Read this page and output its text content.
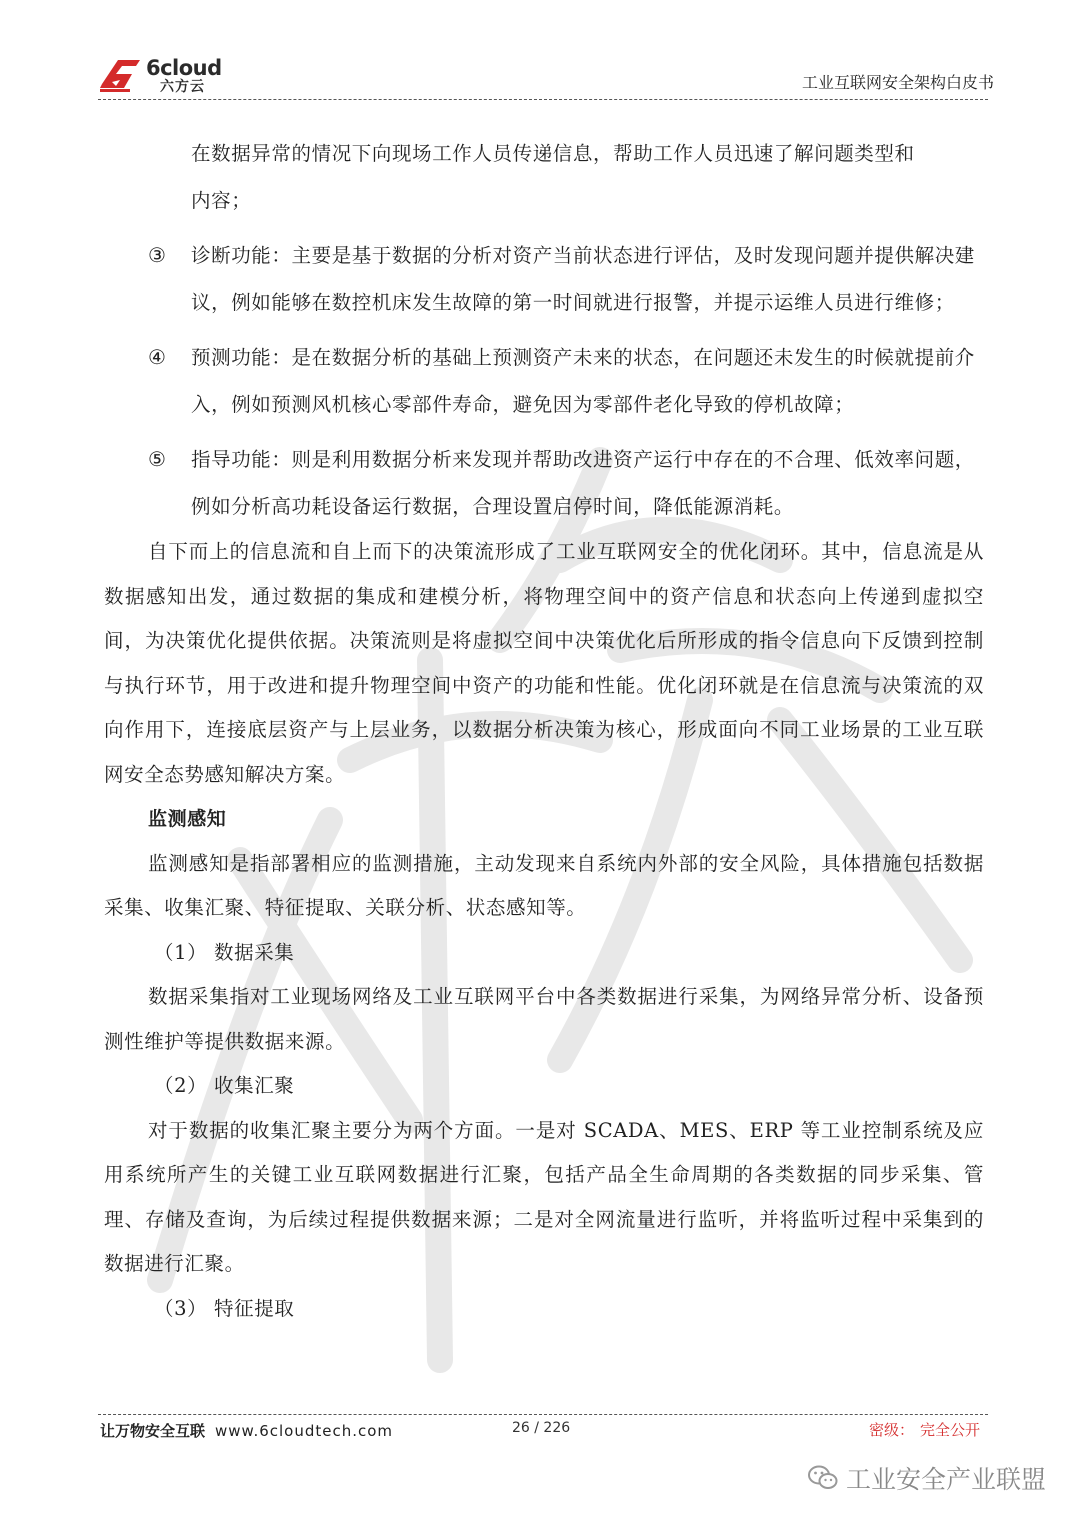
6cloud
六方云	工业互联网安全架构白皮书

在数据异常的情况下向现场工作人员传递信息，帮助工作人员迅速了解问题类型和

内容；

③ 诊断功能：主要是基于数据的分析对资产当前状态进行评估，及时发现问题并提供解决建议，例如能够在数控机床发生故障的第一时间就进行报警，并提示运维人员进行维修；
④ 预测功能：是在数据分析的基础上预测资产未来的状态，在问题还未发生的时候就提前介入，例如预测风机核心零部件寿命，避免因为零部件老化导致的停机故障；
⑤ 指导功能：则是利用数据分析来发现并帮助改进资产运行中存在的不合理、低效率问题，例如分析高功耗设备运行数据，合理设置启停时间，降低能源消耗。

自下而上的信息流和自上而下的决策流形成了工业互联网安全的优化闭环。其中，信息流是从数据感知出发，通过数据的集成和建模分析，将物理空间中的资产信息和状态向上传递到虚拟空间，为决策优化提供依据。决策流则是将虚拟空间中决策优化后所形成的指令信息向下反馈到控制与执行环节，用于改进和提升物理空间中资产的功能和性能。优化闭环就是在信息流与决策流的双向作用下，连接底层资产与上层业务，以数据分析决策为核心，形成面向不同工业场景的工业互联网安全态势感知解决方案。

监测感知

监测感知是指部署相应的监测措施，主动发现来自系统内外部的安全风险，具体措施包括数据采集、收集汇聚、特征提取、关联分析、状态感知等。

（1） 数据采集

数据采集指对工业现场网络及工业互联网平台中各类数据进行采集，为网络异常分析、设备预测性维护等提供数据来源。

（2） 收集汇聚

对于数据的收集汇聚主要分为两个方面。一是对 SCADA、MES、ERP 等工业控制系统及应用系统所产生的关键工业互联网数据进行汇聚，包括产品全生命周期的各类数据的同步采集、管理、存储及查询，为后续过程提供数据来源；二是对全网流量进行监听，并将监听过程中采集到的数据进行汇聚。

（3） 特征提取

让万物安全互联 www.6cloudtech.com	26 / 226	密级： 完全公开
工业安全产业联盟
